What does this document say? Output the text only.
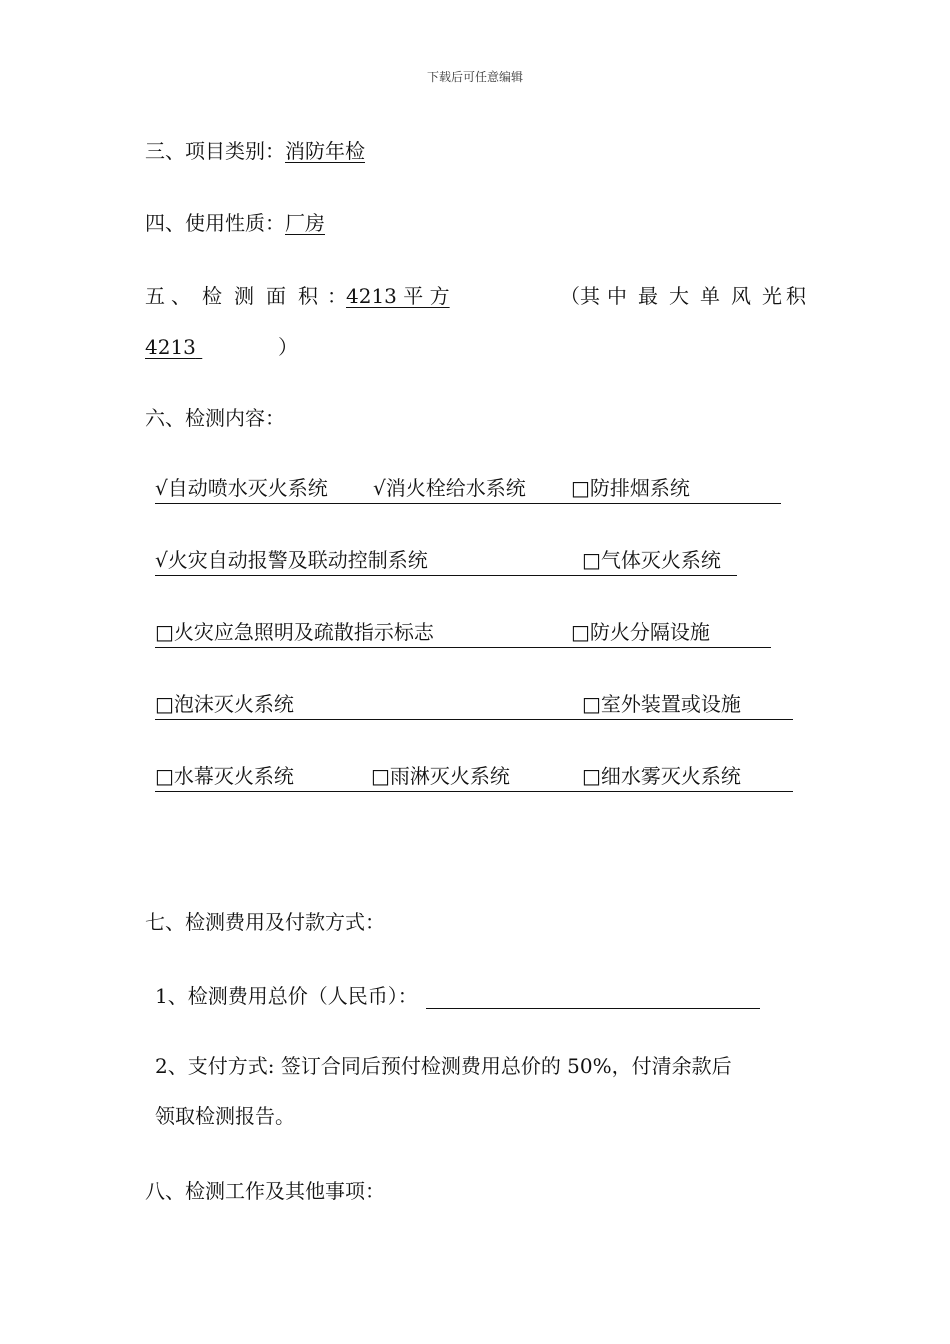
下载后可任意编辑
三、项目类别：消防年检
四、使用性质：厂房
五 、 检 测 面 积 ： 4213 平 方	（其 中 最 大 单 风 光 积
4213	）

六、检测内容：
√自动喷水灭火系统 √消火栓给水系统 □防排烟系统
√火灾自动报警及联动控制系统	□气体灭火系统
□火灾应急照明及疏散指示标志	□防火分隔设施
□泡沫灭火系统	□室外装置或设施
□水幕灭火系统	□雨淋灭火系统	□细水雾灭火系统
七、检测费用及付款方式：
1、检测费用总价（人民币）：
2、支付方式: 签订合同后预付检测费用总价的 50%，付清余款后
领取检测报告。
八、检测工作及其他事项：
